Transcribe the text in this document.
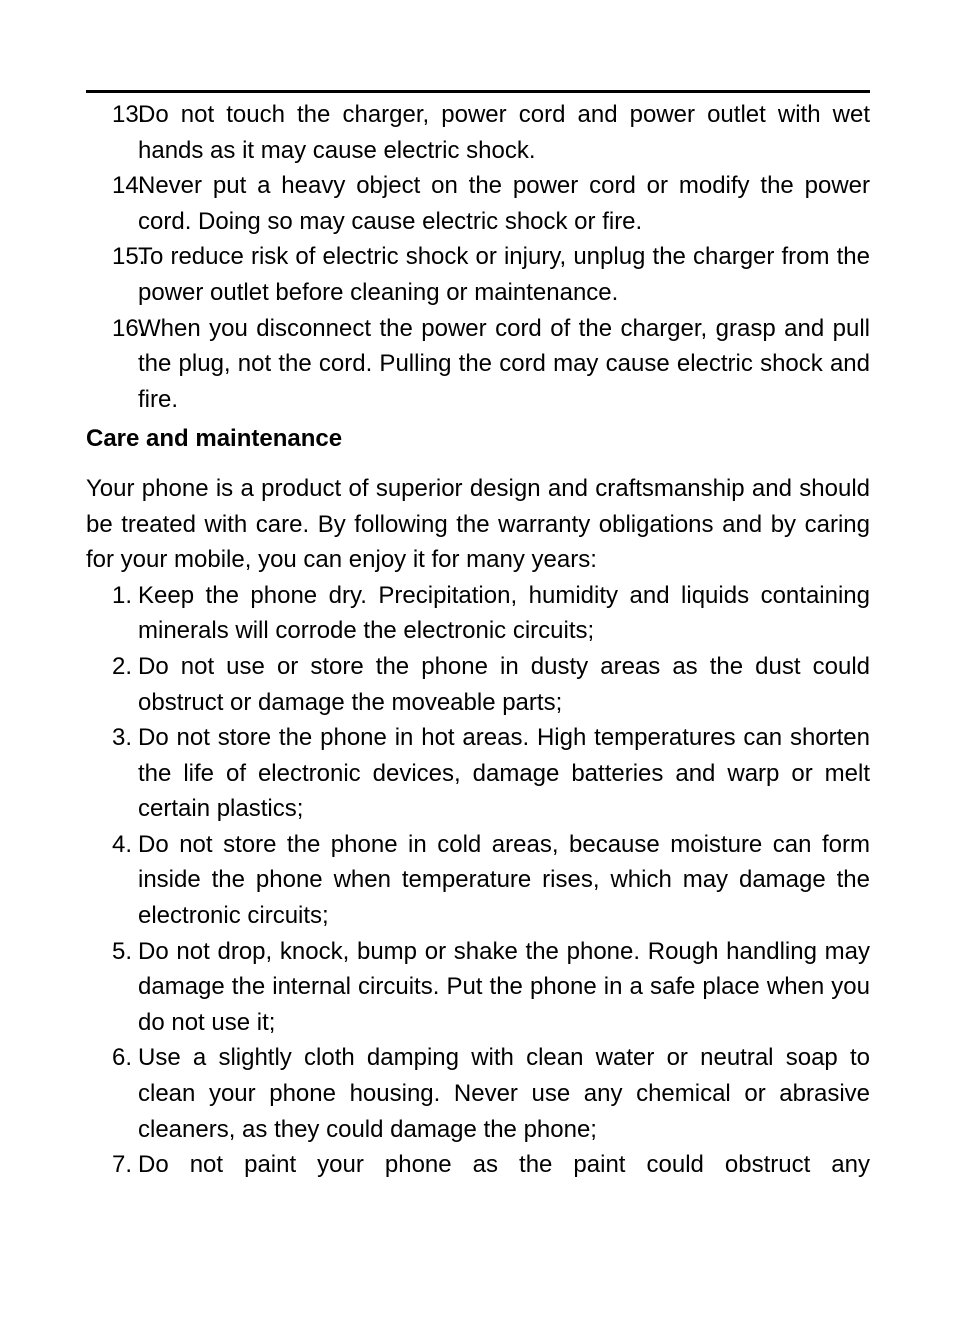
13.
Do not touch the charger, power cord and power outlet with wet hands as it may cause electric shock.
14.
Never put a heavy object on the power cord or modify the power cord. Doing so may cause electric shock or fire.
15.
To reduce risk of electric shock or injury, unplug the charger from the power outlet before cleaning or maintenance.
16.
When you disconnect the power cord of the charger, grasp and pull the plug, not the cord. Pulling the cord may cause electric shock and fire.
Care and maintenance

Your phone is a product of superior design and craftsmanship and should be treated with care. By following the warranty obligations and by caring for your mobile, you can enjoy it for many years:

1. Keep the phone dry. Precipitation, humidity and liquids containing minerals will corrode the electronic circuits;
2. Do not use or store the phone in dusty areas as the dust could obstruct or damage the moveable parts;
3. Do not store the phone in hot areas. High temperatures can shorten the life of electronic devices, damage batteries and warp or melt certain plastics;
4. Do not store the phone in cold areas, because moisture can form inside the phone when temperature rises, which may damage the electronic circuits;
5. Do not drop, knock, bump or shake the phone. Rough handling may damage the internal circuits. Put the phone in a safe place when you do not use it;
6. Use a slightly cloth damping with clean water or neutral soap to clean your phone housing. Never use any chemical or abrasive cleaners, as they could damage the phone;
7. Do not paint your phone as the paint could obstruct any
